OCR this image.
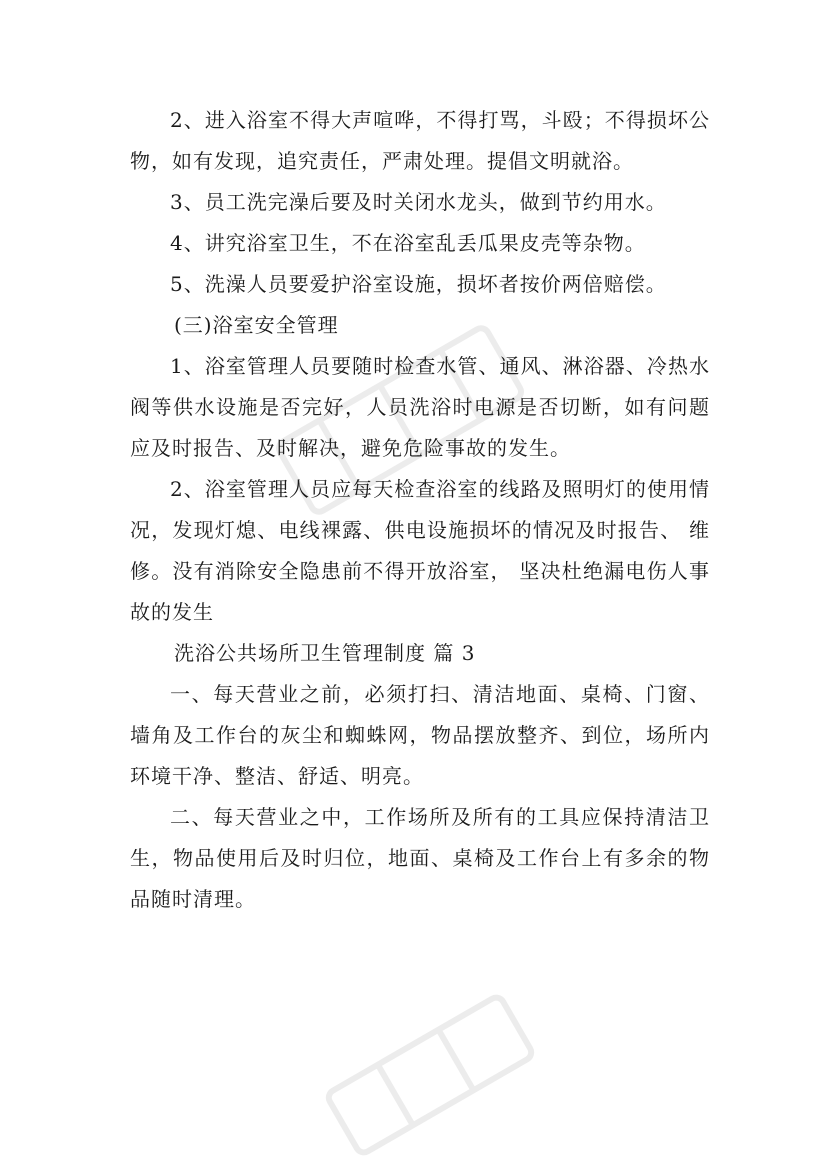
2、进入浴室不得大声喧哗，不得打骂，斗殴；不得损坏公物，如有发现，追究责任，严肃处理。提倡文明就浴。

3、员工洗完澡后要及时关闭水龙头，做到节约用水。

4、讲究浴室卫生，不在浴室乱丢瓜果皮壳等杂物。

5、洗澡人员要爱护浴室设施，损坏者按价两倍赔偿。

(三)浴室安全管理

1、浴室管理人员要随时检查水管、通风、淋浴器、冷热水阀等供水设施是否完好，人员洗浴时电源是否切断，如有问题应及时报告、及时解决，避免危险事故的发生。

2、浴室管理人员应每天检查浴室的线路及照明灯的使用情况，发现灯熄、电线裸露、供电设施损坏的情况及时报告、 维修。没有消除安全隐患前不得开放浴室， 坚决杜绝漏电伤人事故的发生

洗浴公共场所卫生管理制度 篇 3

一、每天营业之前，必须打扫、清洁地面、桌椅、门窗、墙角及工作台的灰尘和蜘蛛网，物品摆放整齐、到位，场所内环境干净、整洁、舒适、明亮。

二、每天营业之中，工作场所及所有的工具应保持清洁卫生，物品使用后及时归位，地面、桌椅及工作台上有多余的物品随时清理。
